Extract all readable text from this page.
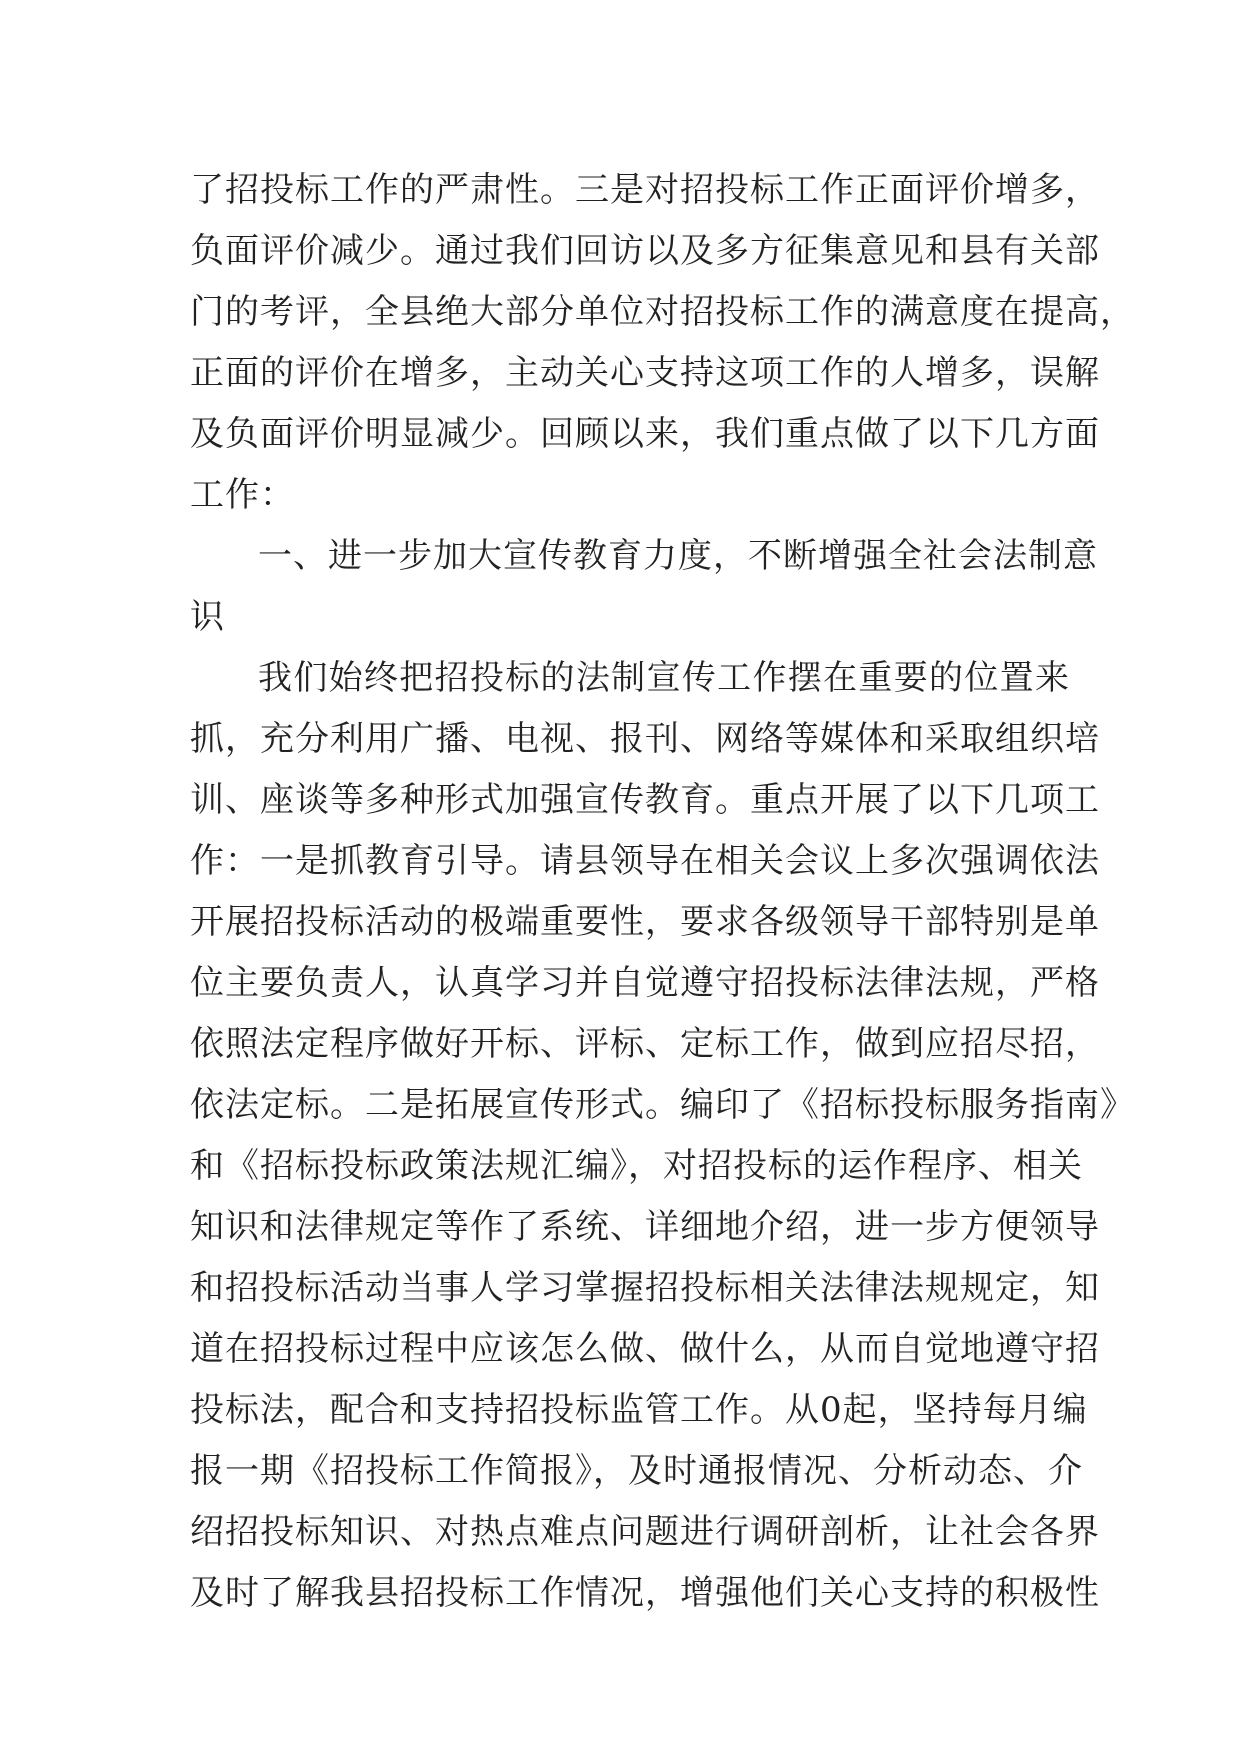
了招投标工作的严肃性。三是对招投标工作正面评价增多，
负面评价减少。通过我们回访以及多方征集意见和县有关部
门的考评，全县绝大部分单位对招投标工作的满意度在提高，
正面的评价在增多，主动关心支持这项工作的人增多，误解
及负面评价明显减少。回顾以来，我们重点做了以下几方面
工作：
一、进一步加大宣传教育力度，不断增强全社会法制意
识
我们始终把招投标的法制宣传工作摆在重要的位置来
抓，充分利用广播、电视、报刊、网络等媒体和采取组织培
训、座谈等多种形式加强宣传教育。重点开展了以下几项工
作：一是抓教育引导。请县领导在相关会议上多次强调依法
开展招投标活动的极端重要性，要求各级领导干部特别是单
位主要负责人，认真学习并自觉遵守招投标法律法规，严格
依照法定程序做好开标、评标、定标工作，做到应招尽招，
依法定标。二是拓展宣传形式。编印了《招标投标服务指南》
和《招标投标政策法规汇编》，对招投标的运作程序、相关
知识和法律规定等作了系统、详细地介绍，进一步方便领导
和招投标活动当事人学习掌握招投标相关法律法规规定，知
道在招投标过程中应该怎么做、做什么，从而自觉地遵守招
投标法，配合和支持招投标监管工作。从0起，坚持每月编
报一期《招投标工作简报》，及时通报情况、分析动态、介
绍招投标知识、对热点难点问题进行调研剖析，让社会各界
及时了解我县招投标工作情况，增强他们关心支持的积极性
